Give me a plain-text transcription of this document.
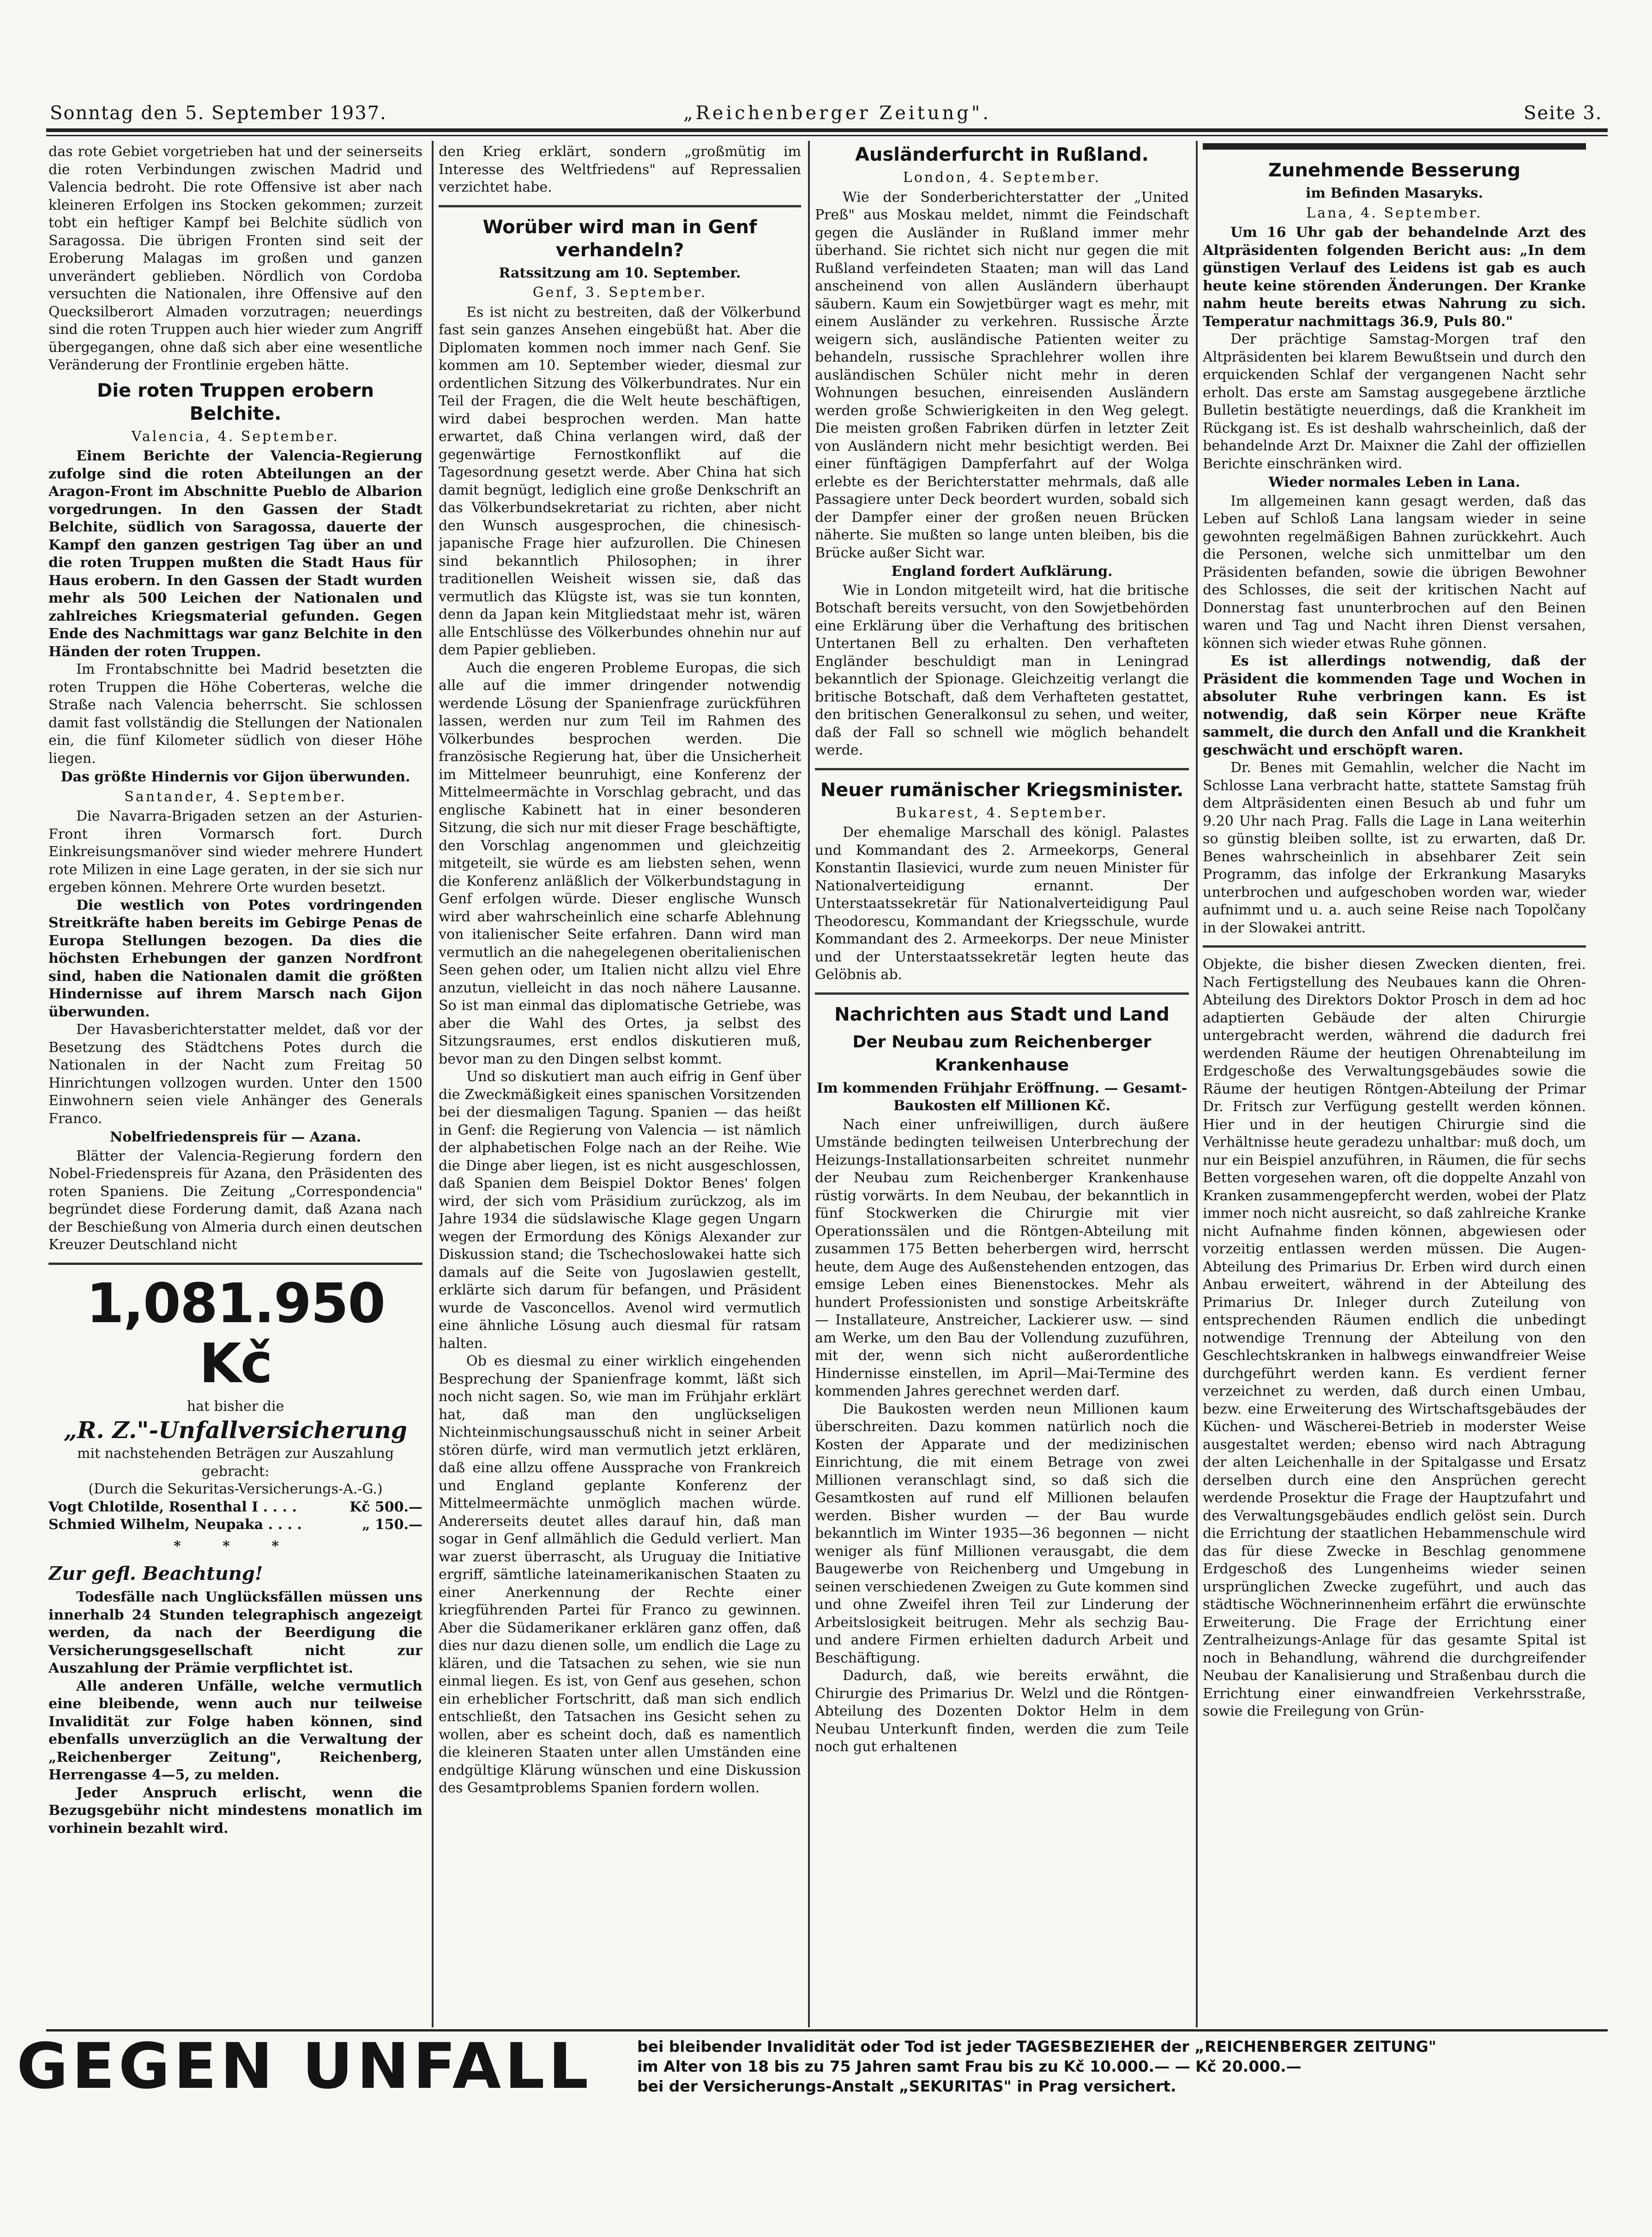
Sonntag den 5. September 1937.	„Reichenberger Zeitung".	Seite 3.

das rote Gebiet vorgetrieben hat und der seinerseits die roten Verbindungen zwischen Madrid und Valencia bedroht. Die rote Offensive ist aber nach kleineren Erfolgen ins Stocken gekommen; zurzeit tobt ein heftiger Kampf bei Belchite südlich von Saragossa. Die übrigen Fronten sind seit der Eroberung Malagas im großen und ganzen unverändert geblieben. Nördlich von Cordoba versuchten die Nationalen, ihre Offensive auf den Quecksilberort Almaden vorzutragen; neuerdings sind die roten Truppen auch hier wieder zum Angriff übergegangen, ohne daß sich aber eine wesentliche Veränderung der Frontlinie ergeben hätte.

Die roten Truppen erobern Belchite.

Valencia, 4. September.

Einem Berichte der Valencia-Regierung zufolge sind die roten Abteilungen an der Aragon-Front im Abschnitte Pueblo de Albarion vorgedrungen. In den Gassen der Stadt Belchite, südlich von Saragossa, dauerte der Kampf den ganzen gestrigen Tag über an und die roten Truppen mußten die Stadt Haus für Haus erobern. In den Gassen der Stadt wurden mehr als 500 Leichen der Nationalen und zahlreiches Kriegsmaterial gefunden. Gegen Ende des Nachmittags war ganz Belchite in den Händen der roten Truppen.

Im Frontabschnitte bei Madrid besetzten die roten Truppen die Höhe Coberteras, welche die Straße nach Valencia beherrscht. Sie schlossen damit fast vollständig die Stellungen der Nationalen ein, die fünf Kilometer südlich von dieser Höhe liegen.

Das größte Hindernis vor Gijon überwunden.

Santander, 4. September.

Die Navarra-Brigaden setzen an der Asturien-Front ihren Vormarsch fort. Durch Einkreisungsmanöver sind wieder mehrere Hundert rote Milizen in eine Lage geraten, in der sie sich nur ergeben können. Mehrere Orte wurden besetzt.

Die westlich von Potes vordringenden Streitkräfte haben bereits im Gebirge Penas de Europa Stellungen bezogen. Da dies die höchsten Erhebungen der ganzen Nordfront sind, haben die Nationalen damit die größten Hindernisse auf ihrem Marsch nach Gijon überwunden.

Der Havasberichterstatter meldet, daß vor der Besetzung des Städtchens Potes durch die Nationalen in der Nacht zum Freitag 50 Hinrichtungen vollzogen wurden. Unter den 1500 Einwohnern seien viele Anhänger des Generals Franco.

Nobelfriedenspreis für — Azana.

Blätter der Valencia-Regierung fordern den Nobel-Friedenspreis für Azana, den Präsidenten des roten Spaniens. Die Zeitung „Correspondencia" begründet diese Forderung damit, daß Azana nach der Beschießung von Almeria durch einen deutschen Kreuzer Deutschland nicht

1,081.950 Kč

hat bisher die

„R. Z."-Unfallversicherung

mit nachstehenden Beträgen zur Auszahlung gebracht:

(Durch die Sekuritas-Versicherungs-A.-G.)

Vogt Chlotilde, Rosenthal I . . . .	Kč 500.—
Schmied Wilhelm, Neupaka . . . .	„ 150.—

* * *

Zur gefl. Beachtung!

Todesfälle nach Unglücksfällen müssen uns innerhalb 24 Stunden telegraphisch angezeigt werden, da nach der Beerdigung die Versicherungsgesellschaft nicht zur Auszahlung der Prämie verpflichtet ist.

Alle anderen Unfälle, welche vermutlich eine bleibende, wenn auch nur teilweise Invalidität zur Folge haben können, sind ebenfalls unverzüglich an die Verwaltung der „Reichenberger Zeitung", Reichenberg, Herrengasse 4—5, zu melden.

Jeder Anspruch erlischt, wenn die Bezugsgebühr nicht mindestens monatlich im vorhinein bezahlt wird.

den Krieg erklärt, sondern „großmütig im Interesse des Weltfriedens" auf Repressalien verzichtet habe.

Worüber wird man in Genf verhandeln?

Ratssitzung am 10. September.

Genf, 3. September.

Es ist nicht zu bestreiten, daß der Völkerbund fast sein ganzes Ansehen eingebüßt hat. Aber die Diplomaten kommen noch immer nach Genf. Sie kommen am 10. September wieder, diesmal zur ordentlichen Sitzung des Völkerbundrates. Nur ein Teil der Fragen, die die Welt heute beschäftigen, wird dabei besprochen werden. Man hatte erwartet, daß China verlangen wird, daß der gegenwärtige Fernostkonflikt auf die Tagesordnung gesetzt werde. Aber China hat sich damit begnügt, lediglich eine große Denkschrift an das Völkerbundsekretariat zu richten, aber nicht den Wunsch ausgesprochen, die chinesisch-japanische Frage hier aufzurollen. Die Chinesen sind bekanntlich Philosophen; in ihrer traditionellen Weisheit wissen sie, daß das vermutlich das Klügste ist, was sie tun konnten, denn da Japan kein Mitgliedstaat mehr ist, wären alle Entschlüsse des Völkerbundes ohnehin nur auf dem Papier geblieben.

Auch die engeren Probleme Europas, die sich alle auf die immer dringender notwendig werdende Lösung der Spanienfrage zurückführen lassen, werden nur zum Teil im Rahmen des Völkerbundes besprochen werden. Die französische Regierung hat, über die Unsicherheit im Mittelmeer beunruhigt, eine Konferenz der Mittelmeermächte in Vorschlag gebracht, und das englische Kabinett hat in einer besonderen Sitzung, die sich nur mit dieser Frage beschäftigte, den Vorschlag angenommen und gleichzeitig mitgeteilt, sie würde es am liebsten sehen, wenn die Konferenz anläßlich der Völkerbundstagung in Genf erfolgen würde. Dieser englische Wunsch wird aber wahrscheinlich eine scharfe Ablehnung von italienischer Seite erfahren. Dann wird man vermutlich an die nahegelegenen oberitalienischen Seen gehen oder, um Italien nicht allzu viel Ehre anzutun, vielleicht in das noch nähere Lausanne. So ist man einmal das diplomatische Getriebe, was aber die Wahl des Ortes, ja selbst des Sitzungsraumes, erst endlos diskutieren muß, bevor man zu den Dingen selbst kommt.

Und so diskutiert man auch eifrig in Genf über die Zweckmäßigkeit eines spanischen Vorsitzenden bei der diesmaligen Tagung. Spanien — das heißt in Genf: die Regierung von Valencia — ist nämlich der alphabetischen Folge nach an der Reihe. Wie die Dinge aber liegen, ist es nicht ausgeschlossen, daß Spanien dem Beispiel Doktor Benes' folgen wird, der sich vom Präsidium zurückzog, als im Jahre 1934 die südslawische Klage gegen Ungarn wegen der Ermordung des Königs Alexander zur Diskussion stand; die Tschechoslowakei hatte sich damals auf die Seite von Jugoslawien gestellt, erklärte sich darum für befangen, und Präsident wurde de Vasconcellos. Avenol wird vermutlich eine ähnliche Lösung auch diesmal für ratsam halten.

Ob es diesmal zu einer wirklich eingehenden Besprechung der Spanienfrage kommt, läßt sich noch nicht sagen. So, wie man im Frühjahr erklärt hat, daß man den unglückseligen Nichteinmischungsausschuß nicht in seiner Arbeit stören dürfe, wird man vermutlich jetzt erklären, daß eine allzu offene Aussprache von Frankreich und England geplante Konferenz der Mittelmeermächte unmöglich machen würde. Andererseits deutet alles darauf hin, daß man sogar in Genf allmählich die Geduld verliert. Man war zuerst überrascht, als Uruguay die Initiative ergriff, sämtliche lateinamerikanischen Staaten zu einer Anerkennung der Rechte einer kriegführenden Partei für Franco zu gewinnen. Aber die Südamerikaner erklären ganz offen, daß dies nur dazu dienen solle, um endlich die Lage zu klären, und die Tatsachen zu sehen, wie sie nun einmal liegen. Es ist, von Genf aus gesehen, schon ein erheblicher Fortschritt, daß man sich endlich entschließt, den Tatsachen ins Gesicht sehen zu wollen, aber es scheint doch, daß es namentlich die kleineren Staaten unter allen Umständen eine endgültige Klärung wünschen und eine Diskussion des Gesamtproblems Spanien fordern wollen.

Ausländerfurcht in Rußland.

London, 4. September.

Wie der Sonderberichterstatter der „United Preß" aus Moskau meldet, nimmt die Feindschaft gegen die Ausländer in Rußland immer mehr überhand. Sie richtet sich nicht nur gegen die mit Rußland verfeindeten Staaten; man will das Land anscheinend von allen Ausländern überhaupt säubern. Kaum ein Sowjetbürger wagt es mehr, mit einem Ausländer zu verkehren. Russische Ärzte weigern sich, ausländische Patienten weiter zu behandeln, russische Sprachlehrer wollen ihre ausländischen Schüler nicht mehr in deren Wohnungen besuchen, einreisenden Ausländern werden große Schwierigkeiten in den Weg gelegt. Die meisten großen Fabriken dürfen in letzter Zeit von Ausländern nicht mehr besichtigt werden. Bei einer fünftägigen Dampferfahrt auf der Wolga erlebte es der Berichterstatter mehrmals, daß alle Passagiere unter Deck beordert wurden, sobald sich der Dampfer einer der großen neuen Brücken näherte. Sie mußten so lange unten bleiben, bis die Brücke außer Sicht war.

England fordert Aufklärung.

Wie in London mitgeteilt wird, hat die britische Botschaft bereits versucht, von den Sowjetbehörden eine Erklärung über die Verhaftung des britischen Untertanen Bell zu erhalten. Den verhafteten Engländer beschuldigt man in Leningrad bekanntlich der Spionage. Gleichzeitig verlangt die britische Botschaft, daß dem Verhafteten gestattet, den britischen Generalkonsul zu sehen, und weiter, daß der Fall so schnell wie möglich behandelt werde.

Neuer rumänischer Kriegsminister.

Bukarest, 4. September.

Der ehemalige Marschall des königl. Palastes und Kommandant des 2. Armeekorps, General Konstantin Ilasievici, wurde zum neuen Minister für Nationalverteidigung ernannt. Der Unterstaatssekretär für Nationalverteidigung Paul Theodorescu, Kommandant der Kriegsschule, wurde Kommandant des 2. Armeekorps. Der neue Minister und der Unterstaatssekretär legten heute das Gelöbnis ab.

Nachrichten aus Stadt und Land

Der Neubau zum Reichenberger Krankenhause

Im kommenden Frühjahr Eröffnung. — Gesamt-Baukosten elf Millionen Kč.

Nach einer unfreiwilligen, durch äußere Umstände bedingten teilweisen Unterbrechung der Heizungs-Installationsarbeiten schreitet nunmehr der Neubau zum Reichenberger Krankenhause rüstig vorwärts. In dem Neubau, der bekanntlich in fünf Stockwerken die Chirurgie mit vier Operationssälen und die Röntgen-Abteilung mit zusammen 175 Betten beherbergen wird, herrscht heute, dem Auge des Außenstehenden entzogen, das emsige Leben eines Bienenstockes. Mehr als hundert Professionisten und sonstige Arbeitskräfte — Installateure, Anstreicher, Lackierer usw. — sind am Werke, um den Bau der Vollendung zuzuführen, mit der, wenn sich nicht außerordentliche Hindernisse einstellen, im April—Mai-Termine des kommenden Jahres gerechnet werden darf.

Die Baukosten werden neun Millionen kaum überschreiten. Dazu kommen natürlich noch die Kosten der Apparate und der medizinischen Einrichtung, die mit einem Betrage von zwei Millionen veranschlagt sind, so daß sich die Gesamtkosten auf rund elf Millionen belaufen werden. Bisher wurden — der Bau wurde bekanntlich im Winter 1935—36 begonnen — nicht weniger als fünf Millionen verausgabt, die dem Baugewerbe von Reichenberg und Umgebung in seinen verschiedenen Zweigen zu Gute kommen sind und ohne Zweifel ihren Teil zur Linderung der Arbeitslosigkeit beitrugen. Mehr als sechzig Bau- und andere Firmen erhielten dadurch Arbeit und Beschäftigung.

Dadurch, daß, wie bereits erwähnt, die Chirurgie des Primarius Dr. Welzl und die Röntgen-Abteilung des Dozenten Doktor Helm in dem Neubau Unterkunft finden, werden die zum Teile noch gut erhaltenen

Zunehmende Besserung

im Befinden Masaryks.

Lana, 4. September.

Um 16 Uhr gab der behandelnde Arzt des Altpräsidenten folgenden Bericht aus: „In dem günstigen Verlauf des Leidens ist gab es auch heute keine störenden Änderungen. Der Kranke nahm heute bereits etwas Nahrung zu sich. Temperatur nachmittags 36.9, Puls 80."

Der prächtige Samstag-Morgen traf den Altpräsidenten bei klarem Bewußtsein und durch den erquickenden Schlaf der vergangenen Nacht sehr erholt. Das erste am Samstag ausgegebene ärztliche Bulletin bestätigte neuerdings, daß die Krankheit im Rückgang ist. Es ist deshalb wahrscheinlich, daß der behandelnde Arzt Dr. Maixner die Zahl der offiziellen Berichte einschränken wird.

Wieder normales Leben in Lana.

Im allgemeinen kann gesagt werden, daß das Leben auf Schloß Lana langsam wieder in seine gewohnten regelmäßigen Bahnen zurückkehrt. Auch die Personen, welche sich unmittelbar um den Präsidenten befanden, sowie die übrigen Bewohner des Schlosses, die seit der kritischen Nacht auf Donnerstag fast ununterbrochen auf den Beinen waren und Tag und Nacht ihren Dienst versahen, können sich wieder etwas Ruhe gönnen.

Es ist allerdings notwendig, daß der Präsident die kommenden Tage und Wochen in absoluter Ruhe verbringen kann. Es ist notwendig, daß sein Körper neue Kräfte sammelt, die durch den Anfall und die Krankheit geschwächt und erschöpft waren.

Dr. Benes mit Gemahlin, welcher die Nacht im Schlosse Lana verbracht hatte, stattete Samstag früh dem Altpräsidenten einen Besuch ab und fuhr um 9.20 Uhr nach Prag. Falls die Lage in Lana weiterhin so günstig bleiben sollte, ist zu erwarten, daß Dr. Benes wahrscheinlich in absehbarer Zeit sein Programm, das infolge der Erkrankung Masaryks unterbrochen und aufgeschoben worden war, wieder aufnimmt und u. a. auch seine Reise nach Topolčany in der Slowakei antritt.

Objekte, die bisher diesen Zwecken dienten, frei. Nach Fertigstellung des Neubaues kann die Ohren-Abteilung des Direktors Doktor Prosch in dem ad hoc adaptierten Gebäude der alten Chirurgie untergebracht werden, während die dadurch frei werdenden Räume der heutigen Ohrenabteilung im Erdgeschoße des Verwaltungsgebäudes sowie die Räume der heutigen Röntgen-Abteilung der Primar Dr. Fritsch zur Verfügung gestellt werden können. Hier und in der heutigen Chirurgie sind die Verhältnisse heute geradezu unhaltbar: muß doch, um nur ein Beispiel anzuführen, in Räumen, die für sechs Betten vorgesehen waren, oft die doppelte Anzahl von Kranken zusammengepfercht werden, wobei der Platz immer noch nicht ausreicht, so daß zahlreiche Kranke nicht Aufnahme finden können, abgewiesen oder vorzeitig entlassen werden müssen. Die Augen-Abteilung des Primarius Dr. Erben wird durch einen Anbau erweitert, während in der Abteilung des Primarius Dr. Inleger durch Zuteilung von entsprechenden Räumen endlich die unbedingt notwendige Trennung der Abteilung von den Geschlechtskranken in halbwegs einwandfreier Weise durchgeführt werden kann. Es verdient ferner verzeichnet zu werden, daß durch einen Umbau, bezw. eine Erweiterung des Wirtschaftsgebäudes der Küchen- und Wäscherei-Betrieb in moderster Weise ausgestaltet werden; ebenso wird nach Abtragung der alten Leichenhalle in der Spitalgasse und Ersatz derselben durch eine den Ansprüchen gerecht werdende Prosektur die Frage der Hauptzufahrt und des Verwaltungsgebäudes endlich gelöst sein. Durch die Errichtung der staatlichen Hebammenschule wird das für diese Zwecke in Beschlag genommene Erdgeschoß des Lungenheims wieder seinen ursprünglichen Zwecke zugeführt, und auch das städtische Wöchnerinnenheim erfährt die erwünschte Erweiterung. Die Frage der Errichtung einer Zentralheizungs-Anlage für das gesamte Spital ist noch in Behandlung, während die durchgreifender Neubau der Kanalisierung und Straßenbau durch die Errichtung einer einwandfreien Verkehrsstraße, sowie die Freilegung von Grün-

GEGEN UNFALL	bei bleibender Invalidität oder Tod ist jeder TAGESBEZIEHER der „REICHENBERGER ZEITUNG"
im Alter von 18 bis zu 75 Jahren samt Frau bis zu Kč 10.000.— — Kč 20.000.—
bei der Versicherungs-Anstalt „SEKURITAS" in Prag versichert.
